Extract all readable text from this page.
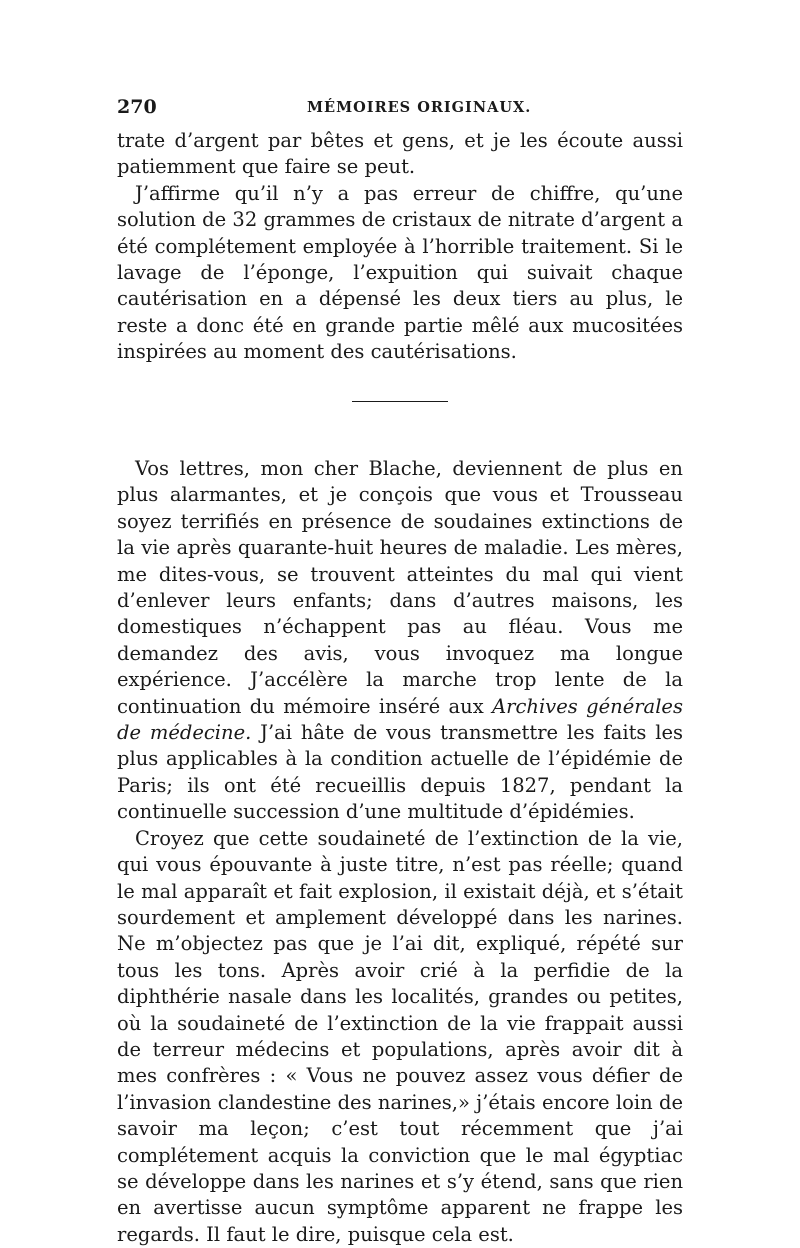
270	MÉMOIRES ORIGINAUX.

trate d’argent par bêtes et gens, et je les écoute aussi patiemment que faire se peut.

J’affirme qu’il n’y a pas erreur de chiffre, qu’une solution de 32 grammes de cristaux de nitrate d’argent a été complétement employée à l’horrible traitement. Si le lavage de l’éponge, l’expuition qui suivait chaque cautérisation en a dépensé les deux tiers au plus, le reste a donc été en grande partie mêlé aux mucositées inspirées au moment des cautérisations.

Vos lettres, mon cher Blache, deviennent de plus en plus alarmantes, et je conçois que vous et Trousseau soyez terrifiés en présence de soudaines extinctions de la vie après quarante-huit heures de maladie. Les mères, me dites-vous, se trouvent atteintes du mal qui vient d’enlever leurs enfants; dans d’autres maisons, les domestiques n’échappent pas au fléau. Vous me demandez des avis, vous invoquez ma longue expérience. J’accélère la marche trop lente de la continuation du mémoire inséré aux Archives générales de médecine. J’ai hâte de vous transmettre les faits les plus applicables à la condition actuelle de l’épidémie de Paris; ils ont été recueillis depuis 1827, pendant la continuelle succession d’une multitude d’épidémies.

Croyez que cette soudaineté de l’extinction de la vie, qui vous épouvante à juste titre, n’est pas réelle; quand le mal apparaît et fait explosion, il existait déjà, et s’était sourdement et amplement développé dans les narines. Ne m’objectez pas que je l’ai dit, expliqué, répété sur tous les tons. Après avoir crié à la perfidie de la diphthérie nasale dans les localités, grandes ou petites, où la soudaineté de l’extinction de la vie frappait aussi de terreur médecins et populations, après avoir dit à mes confrères : « Vous ne pouvez assez vous défier de l’invasion clandestine des narines,» j’étais encore loin de savoir ma leçon; c’est tout récemment que j’ai complétement acquis la conviction que le mal égyptiac se développe dans les narines et s’y étend, sans que rien en avertisse aucun symptôme apparent ne frappe les regards. Il faut le dire, puisque cela est.
